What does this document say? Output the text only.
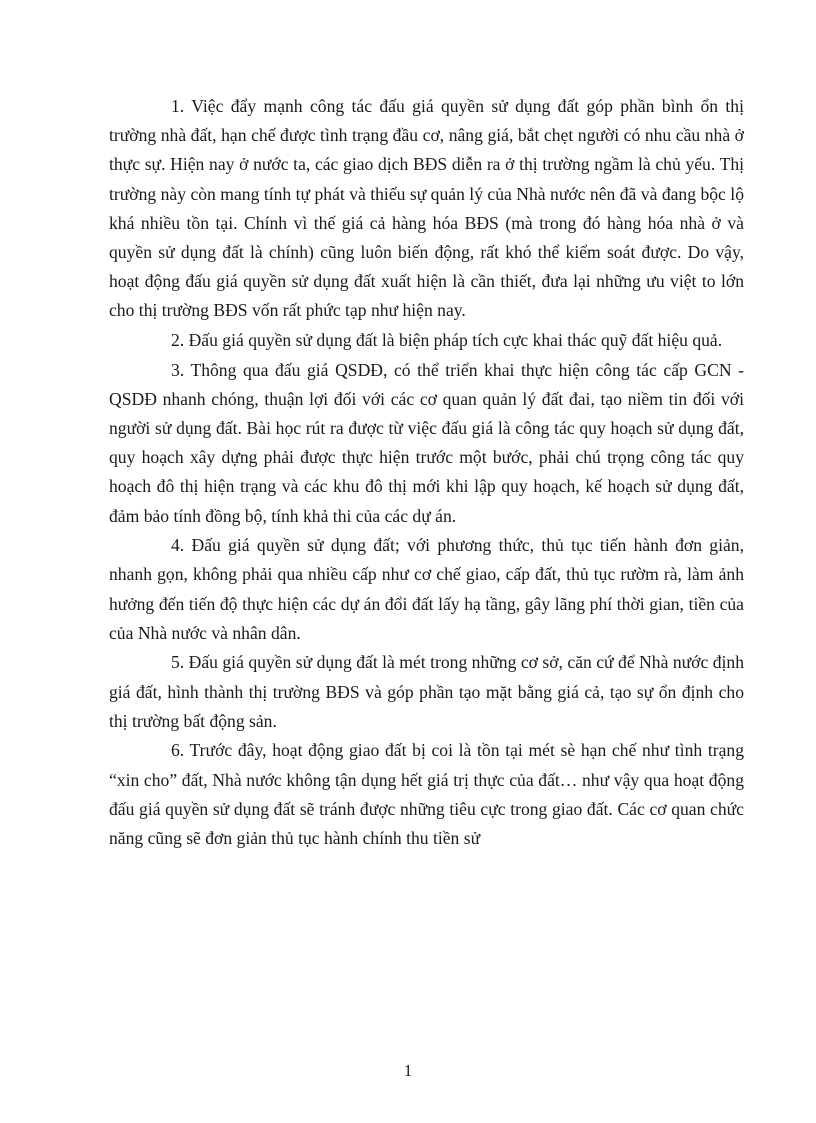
1. Việc đẩy mạnh công tác đấu giá quyền sử dụng đất góp phần bình ổn thị trường nhà đất, hạn chế được tình trạng đầu cơ, nâng giá, bắt chẹt người có nhu cầu nhà ở thực sự. Hiện nay ở nước ta, các giao dịch BĐS diễn ra ở thị trường ngầm là chủ yếu. Thị trường này còn mang tính tự phát và thiếu sự quản lý của Nhà nước nên đã và đang bộc lộ khá nhiều tồn tại. Chính vì thế giá cả hàng hóa BĐS (mà trong đó hàng hóa nhà ở và quyền sử dụng đất là chính) cũng luôn biến động, rất khó thể kiểm soát được. Do vậy, hoạt động đấu giá quyền sử dụng đất xuất hiện là cần thiết, đưa lại những ưu việt to lớn cho thị trường BĐS vốn rất phức tạp như hiện nay.

2. Đấu giá quyền sử dụng đất là biện pháp tích cực khai thác quỹ đất hiệu quả.

3. Thông qua đấu giá QSDĐ, có thể triển khai thực hiện công tác cấp GCN - QSDĐ nhanh chóng, thuận lợi đối với các cơ quan quản lý đất đai, tạo niềm tin đối với người sử dụng đất. Bài học rút ra được từ việc đấu giá là công tác quy hoạch sử dụng đất, quy hoạch xây dựng phải được thực hiện trước một bước, phải chú trọng công tác quy hoạch đô thị hiện trạng và các khu đô thị mới khi lập quy hoạch, kế hoạch sử dụng đất, đảm bảo tính đồng bộ, tính khả thi của các dự án.

4. Đấu giá quyền sử dụng đất; với phương thức, thủ tục tiến hành đơn giản, nhanh gọn, không phải qua nhiều cấp như cơ chế giao, cấp đất, thủ tục rườm rà, làm ảnh hưởng đến tiến độ thực hiện các dự án đổi đất lấy hạ tầng, gây lãng phí thời gian, tiền của của Nhà nước và nhân dân.

5. Đấu giá quyền sử dụng đất là mét trong những cơ sở, căn cứ để Nhà nước định giá đất, hình thành thị trường BĐS và góp phần tạo mặt bằng giá cả, tạo sự ổn định cho thị trường bất động sản.

6. Trước đây, hoạt động giao đất bị coi là tồn tại mét sè hạn chế như tình trạng “xin cho” đất, Nhà nước không tận dụng hết giá trị thực của đất… như vậy qua hoạt động đấu giá quyền sử dụng đất sẽ tránh được những tiêu cực trong giao đất. Các cơ quan chức năng cũng sẽ đơn giản thủ tục hành chính thu tiền sử

1
